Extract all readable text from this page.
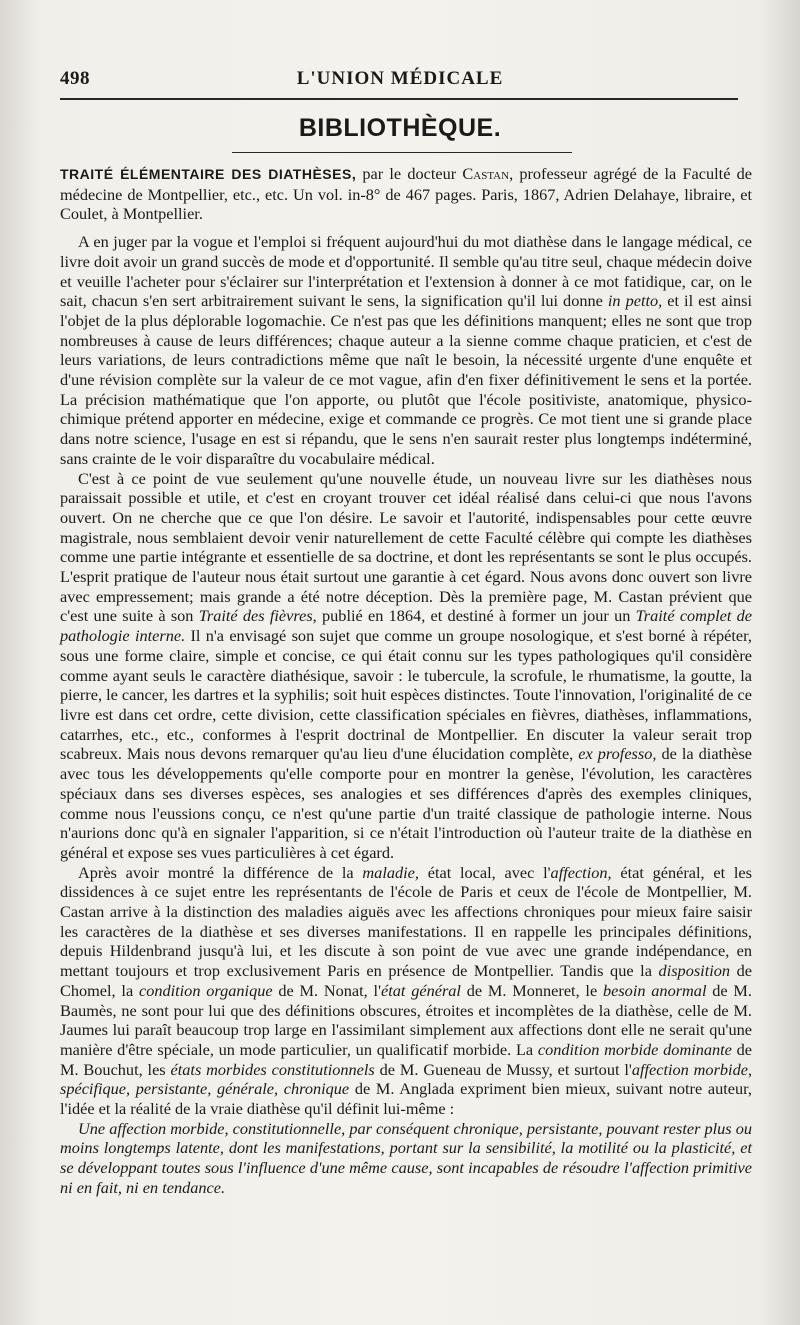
498	L'UNION MÉDICALE
BIBLIOTHÈQUE.

TRAITÉ ÉLÉMENTAIRE DES DIATHÈSES, par le docteur Castan, professeur agrégé de la Faculté de médecine de Montpellier, etc., etc. Un vol. in-8° de 467 pages. Paris, 1867, Adrien Delahaye, libraire, et Coulet, à Montpellier.

A en juger par la vogue et l'emploi si fréquent aujourd'hui du mot diathèse dans le langage médical, ce livre doit avoir un grand succès de mode et d'opportunité. Il semble qu'au titre seul, chaque médecin doive et veuille l'acheter pour s'éclairer sur l'interprétation et l'extension à donner à ce mot fatidique, car, on le sait, chacun s'en sert arbitrairement suivant le sens, la signification qu'il lui donne in petto, et il est ainsi l'objet de la plus déplorable logomachie. Ce n'est pas que les définitions manquent; elles ne sont que trop nombreuses à cause de leurs différences; chaque auteur a la sienne comme chaque praticien, et c'est de leurs variations, de leurs contradictions même que naît le besoin, la nécessité urgente d'une enquête et d'une révision complète sur la valeur de ce mot vague, afin d'en fixer définitivement le sens et la portée. La précision mathématique que l'on apporte, ou plutôt que l'école positiviste, anatomique, physico-chimique prétend apporter en médecine, exige et commande ce progrès. Ce mot tient une si grande place dans notre science, l'usage en est si répandu, que le sens n'en saurait rester plus longtemps indéterminé, sans crainte de le voir disparaître du vocabulaire médical.

C'est à ce point de vue seulement qu'une nouvelle étude, un nouveau livre sur les diathèses nous paraissait possible et utile, et c'est en croyant trouver cet idéal réalisé dans celui-ci que nous l'avons ouvert. On ne cherche que ce que l'on désire. Le savoir et l'autorité, indispensables pour cette œuvre magistrale, nous semblaient devoir venir naturellement de cette Faculté célèbre qui compte les diathèses comme une partie intégrante et essentielle de sa doctrine, et dont les représentants se sont le plus occupés. L'esprit pratique de l'auteur nous était surtout une garantie à cet égard. Nous avons donc ouvert son livre avec empressement; mais grande a été notre déception. Dès la première page, M. Castan prévient que c'est une suite à son Traité des fièvres, publié en 1864, et destiné à former un jour un Traité complet de pathologie interne. Il n'a envisagé son sujet que comme un groupe nosologique, et s'est borné à répéter, sous une forme claire, simple et concise, ce qui était connu sur les types pathologiques qu'il considère comme ayant seuls le caractère diathésique, savoir : le tubercule, la scrofule, le rhumatisme, la goutte, la pierre, le cancer, les dartres et la syphilis; soit huit espèces distinctes. Toute l'innovation, l'originalité de ce livre est dans cet ordre, cette division, cette classification spéciales en fièvres, diathèses, inflammations, catarrhes, etc., etc., conformes à l'esprit doctrinal de Montpellier. En discuter la valeur serait trop scabreux. Mais nous devons remarquer qu'au lieu d'une élucidation complète, ex professo, de la diathèse avec tous les développements qu'elle comporte pour en montrer la genèse, l'évolution, les caractères spéciaux dans ses diverses espèces, ses analogies et ses différences d'après des exemples cliniques, comme nous l'eussions conçu, ce n'est qu'une partie d'un traité classique de pathologie interne. Nous n'aurions donc qu'à en signaler l'apparition, si ce n'était l'introduction où l'auteur traite de la diathèse en général et expose ses vues particulières à cet égard.

Après avoir montré la différence de la maladie, état local, avec l'affection, état général, et les dissidences à ce sujet entre les représentants de l'école de Paris et ceux de l'école de Montpellier, M. Castan arrive à la distinction des maladies aiguës avec les affections chroniques pour mieux faire saisir les caractères de la diathèse et ses diverses manifestations. Il en rappelle les principales définitions, depuis Hildenbrand jusqu'à lui, et les discute à son point de vue avec une grande indépendance, en mettant toujours et trop exclusivement Paris en présence de Montpellier. Tandis que la disposition de Chomel, la condition organique de M. Nonat, l'état général de M. Monneret, le besoin anormal de M. Baumès, ne sont pour lui que des définitions obscures, étroites et incomplètes de la diathèse, celle de M. Jaumes lui paraît beaucoup trop large en l'assimilant simplement aux affections dont elle ne serait qu'une manière d'être spéciale, un mode particulier, un qualificatif morbide. La condition morbide dominante de M. Bouchut, les états morbides constitutionnels de M. Gueneau de Mussy, et surtout l'affection morbide, spécifique, persistante, générale, chronique de M. Anglada expriment bien mieux, suivant notre auteur, l'idée et la réalité de la vraie diathèse qu'il définit lui-même :

Une affection morbide, constitutionnelle, par conséquent chronique, persistante, pouvant rester plus ou moins longtemps latente, dont les manifestations, portant sur la sensibilité, la motilité ou la plasticité, et se développant toutes sous l'influence d'une même cause, sont incapables de résoudre l'affection primitive ni en fait, ni en tendance.
